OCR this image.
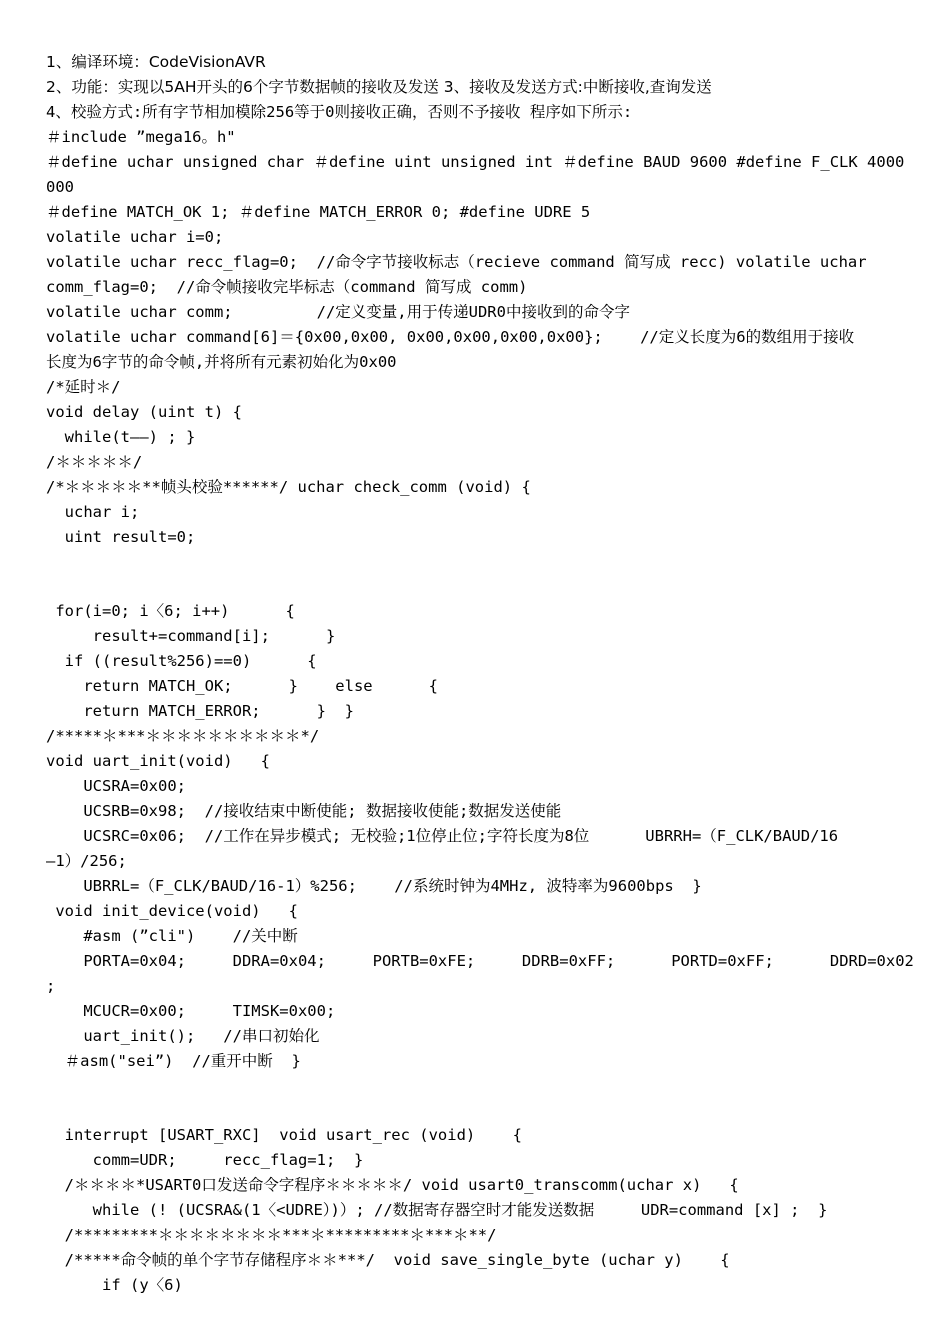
1、编译环境：CodeVisionAVR
2、功能：实现以5AH开头的6个字节数据帧的接收及发送 3、接收及发送方式:中断接收,查询发送
4、校验方式:所有字节相加模除256等于0则接收正确，否则不予接收 程序如下所示:
＃include ”mega16。h"
＃define uchar unsigned char ＃define uint unsigned int ＃define BAUD 9600 #define F_CLK 4000
000
＃define MATCH_OK 1; ＃define MATCH_ERROR 0; #define UDRE 5
volatile uchar i=0;
volatile uchar recc_flag=0;  //命令字节接收标志（recieve command 简写成 recc) volatile uchar
comm_flag=0;  //命令帧接收完毕标志（command 简写成 comm)
volatile uchar comm;         //定义变量,用于传递UDR0中接收到的命令字
volatile uchar command[6]＝{0x00,0x00, 0x00,0x00,0x00,0x00};    //定义长度为6的数组用于接收
长度为6字节的命令帧,并将所有元素初始化为0x00
/*延时＊/
void delay (uint t) {
while(t——) ; }
/＊＊＊＊＊/
/*＊＊＊＊＊**帧头校验******/ uchar check_comm (void) {
uchar i;
uint result=0;
for(i=0; i〈6; i++)      {
result+=command[i];      }
if ((result%256)==0)      {
return MATCH_OK;      }    else      {
return MATCH_ERROR;      }  }
/*****＊***＊＊＊＊＊＊＊＊＊＊*/
void uart_init(void)   {
UCSRA=0x00;
UCSRB=0x98;  //接收结束中断使能; 数据接收使能;数据发送使能
UCSRC=0x06;  //工作在异步模式; 无校验;1位停止位;字符长度为8位      UBRRH=（F_CLK/BAUD/16
—1）/256;
UBRRL=（F_CLK/BAUD/16-1）%256;    //系统时钟为4MHz, 波特率为9600bps  }
void init_device(void)   {
#asm (”cli")    //关中断
PORTA=0x04;     DDRA=0x04;     PORTB=0xFE;     DDRB=0xFF;      PORTD=0xFF;      DDRD=0x02
;
MCUCR=0x00;     TIMSK=0x00;
uart_init();   //串口初始化
＃asm("sei”)  //重开中断  }
interrupt [USART_RXC]  void usart_rec (void)    {
comm=UDR;     recc_flag=1;  }
/＊＊＊＊*USART0口发送命令字程序＊＊＊＊＊/ void usart0_transcomm(uchar x)   {
while (! (UCSRA&(1〈<UDRE）)）; //数据寄存器空时才能发送数据     UDR=command [x] ;  }
/*********＊＊＊＊＊＊＊＊***＊*********＊***＊**/
/*****命令帧的单个字节存储程序＊＊***/  void save_single_byte (uchar y)    {
if (y〈6)
